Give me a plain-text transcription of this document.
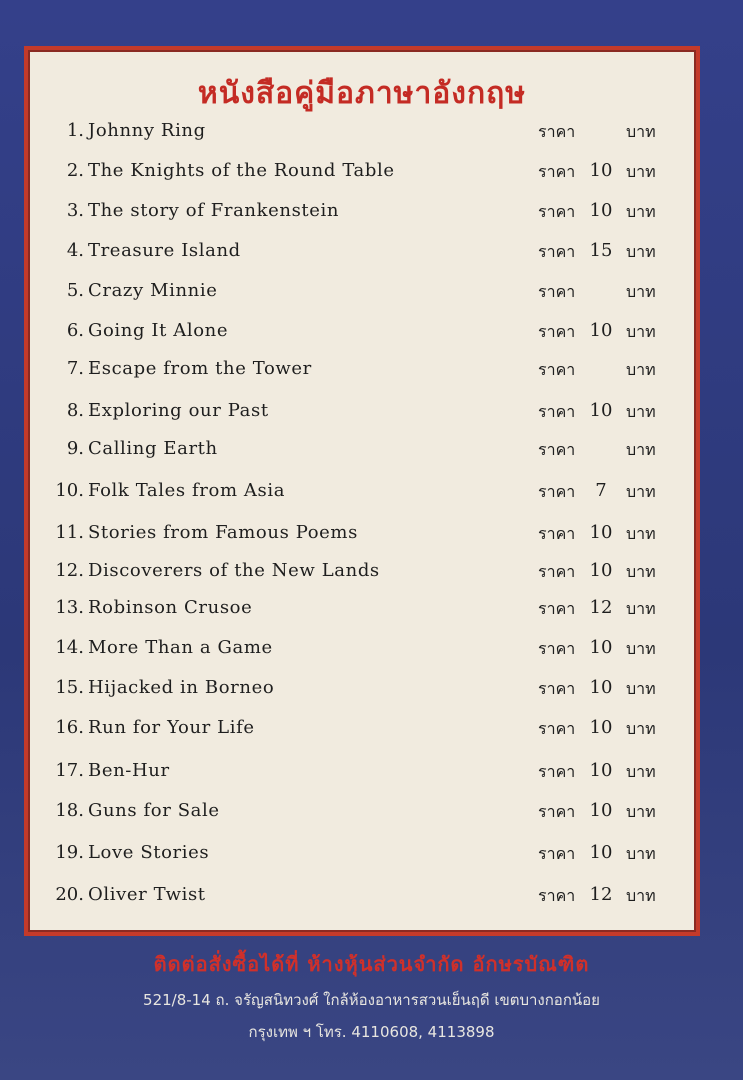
หนังสือคู่มือภาษาอังกฤษ
1. Johnny Ring	ราคา	บาท
2. The Knights of the Round Table	ราคา 10 บาท
3. The story of Frankenstein	ราคา 10 บาท
4. Treasure Island	ราคา 15 บาท
5. Crazy Minnie	ราคา	บาท
6. Going It Alone	ราคา 10 บาท
7. Escape from the Tower	ราคา	บาท
8. Exploring our Past	ราคา 10 บาท
9. Calling Earth	ราคา	บาท
10. Folk Tales from Asia	ราคา	7	บาท
11. Stories from Famous Poems	ราคา 10 บาท
12. Discoverers of the New Lands	ราคา 10 บาท
13. Robinson Crusoe	ราคา 12 บาท
14. More Than a Game	ราคา 10 บาท
15. Hijacked in Borneo	ราคา 10 บาท
16. Run for Your Life	ราคา 10 บาท
17. Ben-Hur	ราคา 10 บาท
18. Guns for Sale	ราคา 10 บาท
19. Love Stories	ราคา 10 บาท
20. Oliver Twist	ราคา 12 บาท
ติดต่อสั่งซื้อได้ที่ ห้างหุ้นส่วนจำกัด อักษรบัณฑิต
521/8-14 ถ. จรัญสนิทวงศ์ ใกล้ห้องอาหารสวนเย็นฤดี เขตบางกอกน้อย
กรุงเทพ ฯ โทร. 4110608, 4113898
